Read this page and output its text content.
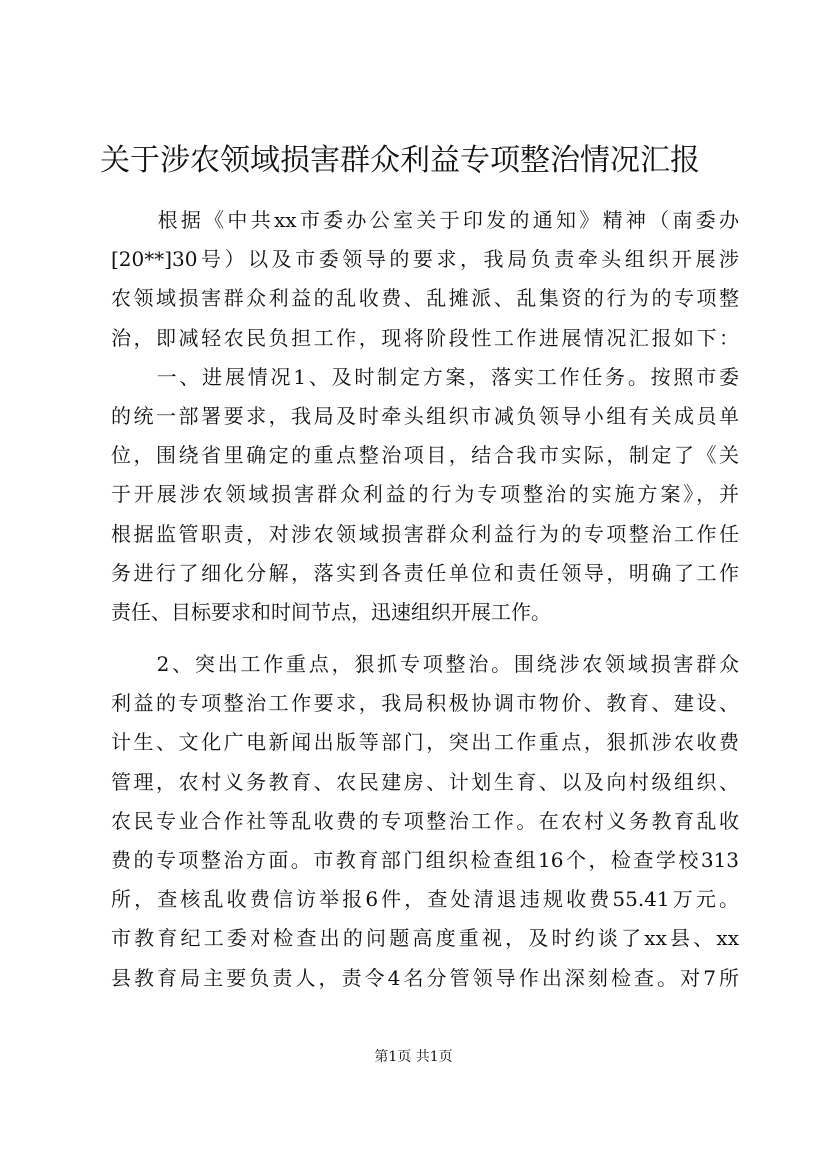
关于涉农领域损害群众利益专项整治情况汇报
　　根据《中共xx市委办公室关于印发的通知》精神（南委办
[20**]30号）以及市委领导的要求，我局负责牵头组织开展涉
农领域损害群众利益的乱收费、乱摊派、乱集资的行为的专项整
治，即减轻农民负担工作，现将阶段性工作进展情况汇报如下：
　　一、进展情况1、及时制定方案，落实工作任务。按照市委
的统一部署要求，我局及时牵头组织市减负领导小组有关成员单
位，围绕省里确定的重点整治项目，结合我市实际，制定了《关
于开展涉农领域损害群众利益的行为专项整治的实施方案》，并
根据监管职责，对涉农领域损害群众利益行为的专项整治工作任
务进行了细化分解，落实到各责任单位和责任领导，明确了工作
责任、目标要求和时间节点，迅速组织开展工作。
　　2、突出工作重点，狠抓专项整治。围绕涉农领域损害群众
利益的专项整治工作要求，我局积极协调市物价、教育、建设、
计生、文化广电新闻出版等部门，突出工作重点，狠抓涉农收费
管理，农村义务教育、农民建房、计划生育、以及向村级组织、
农民专业合作社等乱收费的专项整治工作。在农村义务教育乱收
费的专项整治方面。市教育部门组织检查组16个，检查学校313
所，查核乱收费信访举报6件，查处清退违规收费55.41万元。
市教育纪工委对检查出的问题高度重视，及时约谈了xx县、xx
县教育局主要负责人，责令4名分管领导作出深刻检查。对7所
第1页 共1页
